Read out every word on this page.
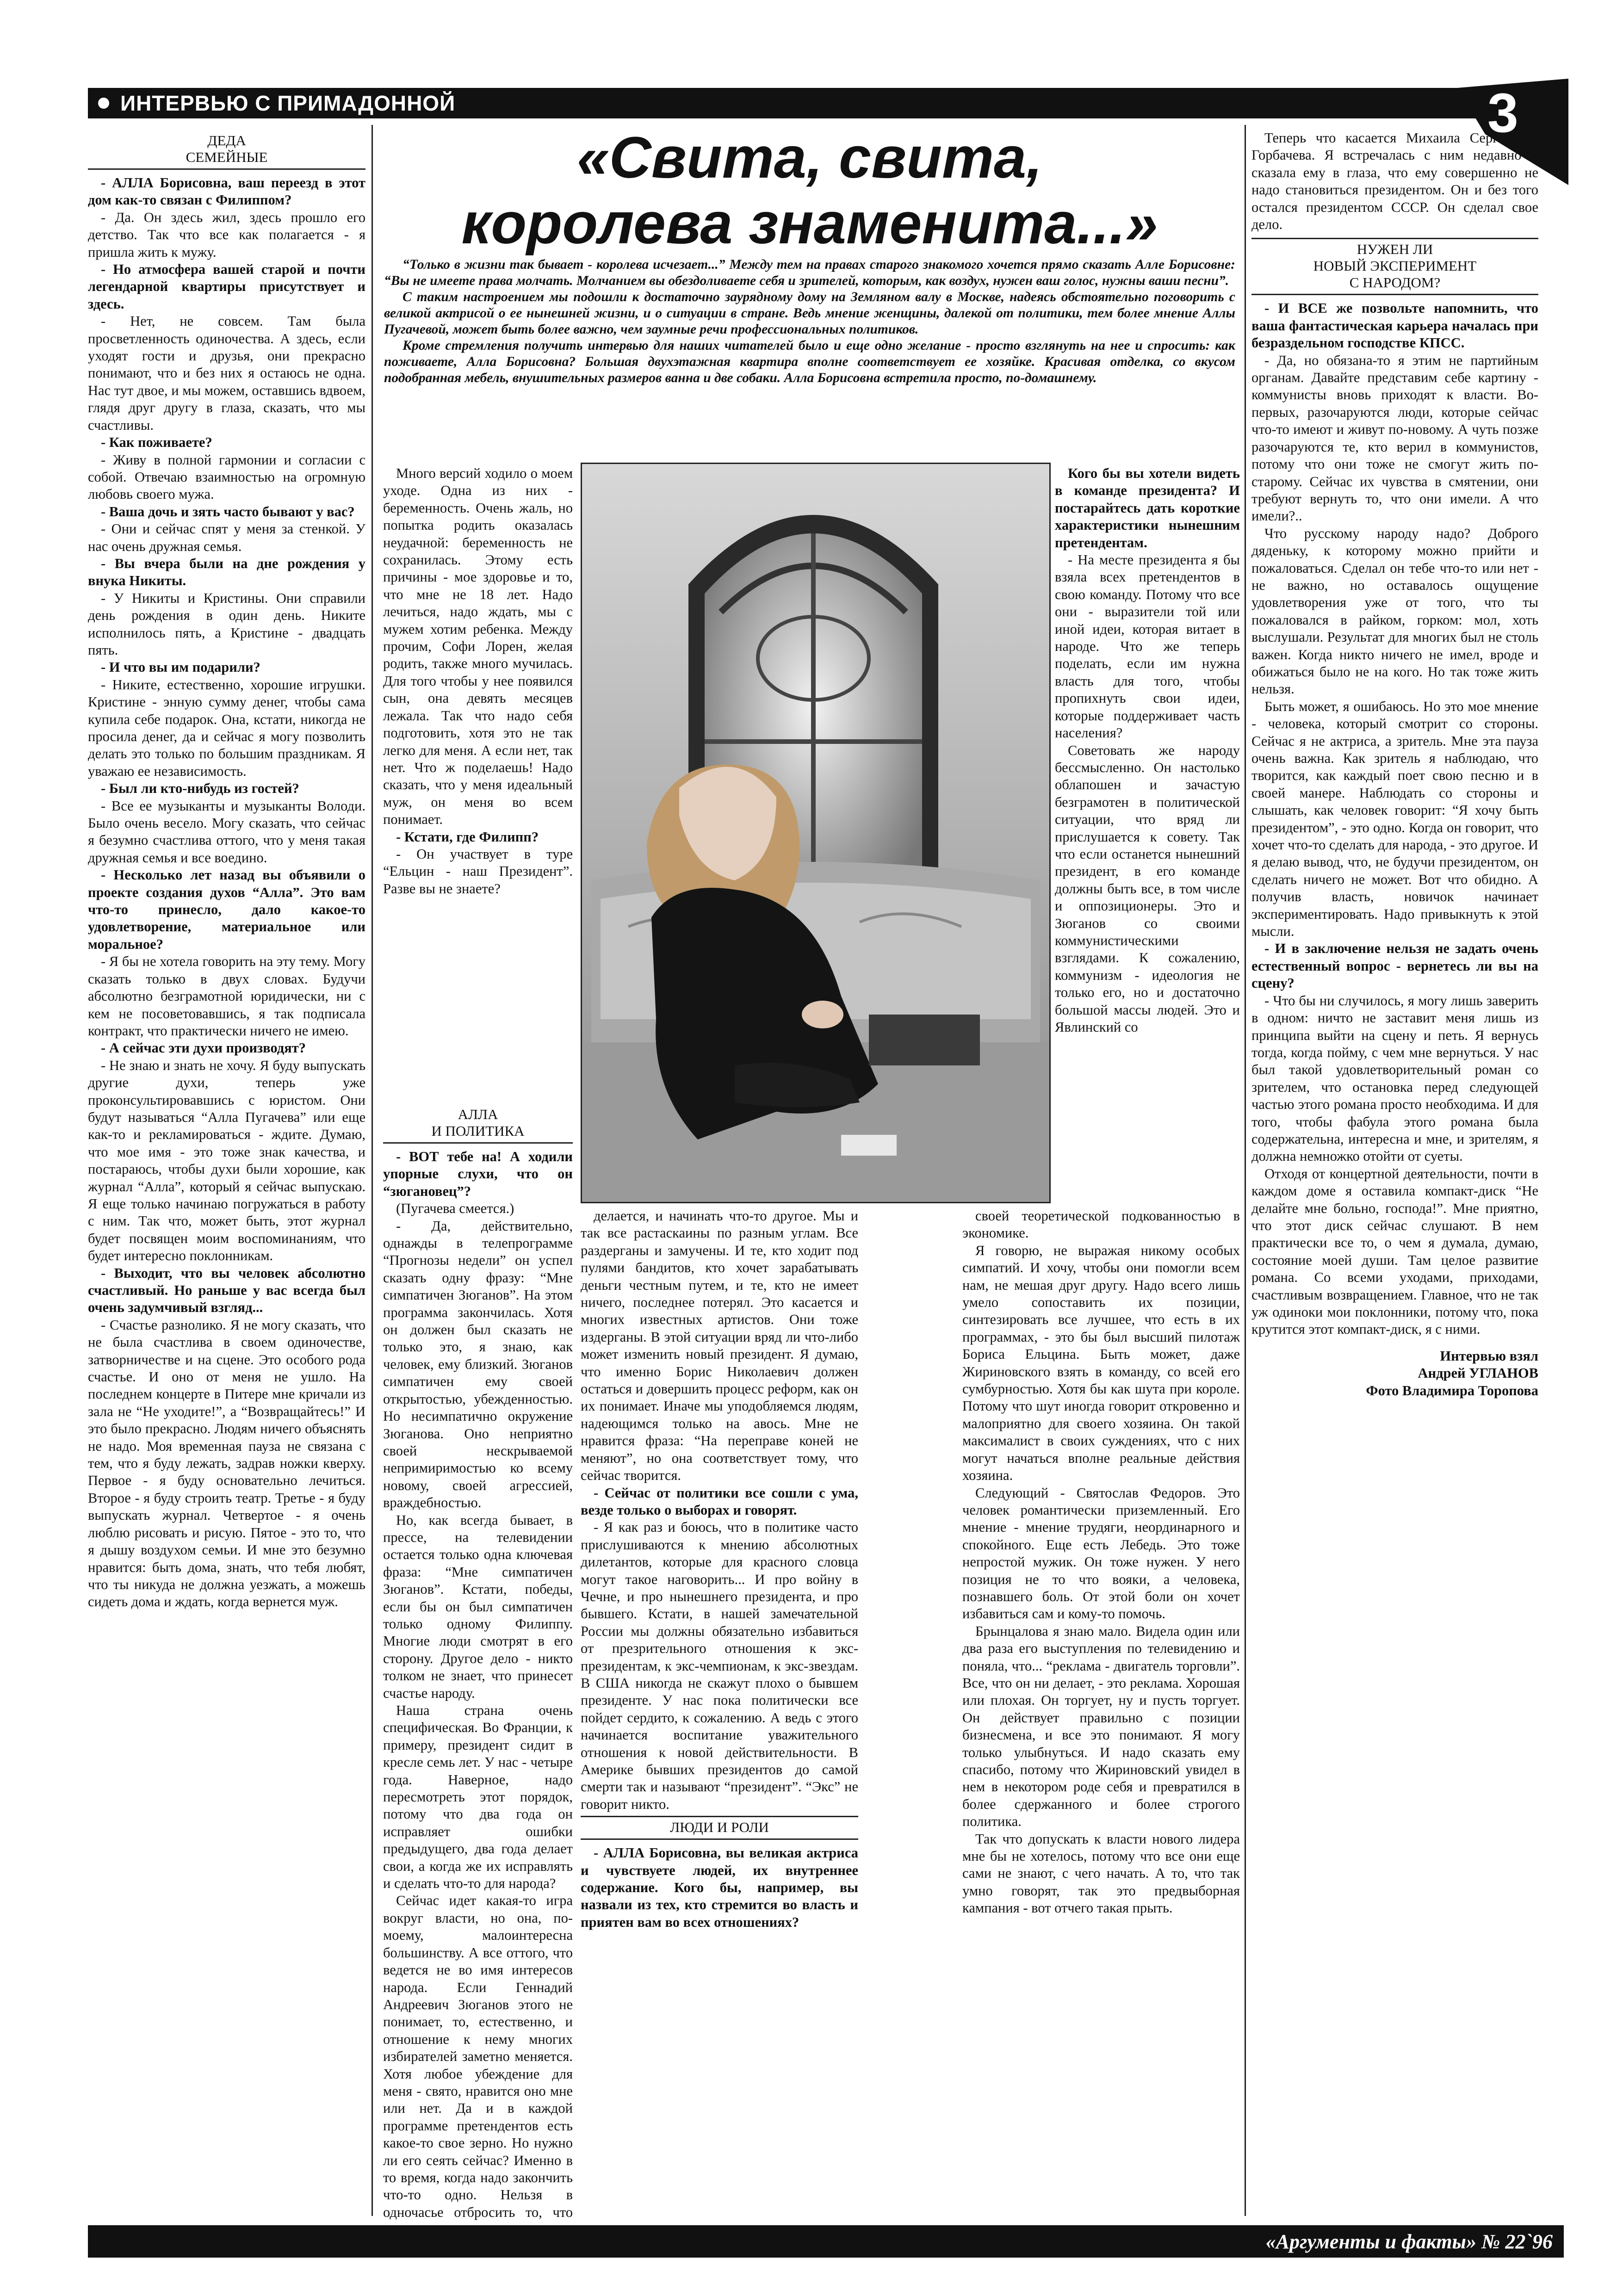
ИНТЕРВЬЮ С ПРИМАДОННОЙ	3
ДЕДА
СЕМЕЙНЫЕ

- АЛЛА Борисовна, ваш переезд в этот дом как-то связан с Филиппом?

- Да. Он здесь жил, здесь прошло его детство. Так что все как полагается - я пришла жить к мужу.

- Но атмосфера вашей старой и почти легендарной квартиры присутствует и здесь.

- Нет, не совсем. Там была просветленность одиночества. А здесь, если уходят гости и друзья, они прекрасно понимают, что и без них я остаюсь не одна. Нас тут двое, и мы можем, оставшись вдвоем, глядя друг другу в глаза, сказать, что мы счастливы.

- Как поживаете?

- Живу в полной гармонии и согласии с собой. Отвечаю взаимностью на огромную любовь своего мужа.

- Ваша дочь и зять часто бывают у вас?

- Они и сейчас спят у меня за стенкой. У нас очень дружная семья.

- Вы вчера были на дне рождения у внука Никиты.

- У Никиты и Кристины. Они справили день рождения в один день. Никите исполнилось пять, а Кристине - двадцать пять.

- И что вы им подарили?

- Никите, естественно, хорошие игрушки. Кристине - энную сумму денег, чтобы сама купила себе подарок. Она, кстати, никогда не просила денег, да и сейчас я могу позволить делать это только по большим праздникам. Я уважаю ее независимость.

- Был ли кто-нибудь из гостей?

- Все ее музыканты и музыканты Володи. Было очень весело. Могу сказать, что сейчас я безумно счастлива оттого, что у меня такая дружная семья и все воедино.

- Несколько лет назад вы объявили о проекте создания духов “Алла”. Это вам что-то принесло, дало какое-то удовлетворение, материальное или моральное?

- Я бы не хотела говорить на эту тему. Могу сказать только в двух словах. Будучи абсолютно безграмотной юридически, ни с кем не посоветовавшись, я так подписала контракт, что практически ничего не имею.

- А сейчас эти духи производят?

- Не знаю и знать не хочу. Я буду выпускать другие духи, теперь уже проконсультировавшись с юристом. Они будут называться “Алла Пугачева” или еще как-то и рекламироваться - ждите. Думаю, что мое имя - это тоже знак качества, и постараюсь, чтобы духи были хорошие, как журнал “Алла”, который я сейчас выпускаю. Я еще только начинаю погружаться в работу с ним. Так что, может быть, этот журнал будет посвящен моим воспоминаниям, что будет интересно поклонникам.

- Выходит, что вы человек абсолютно счастливый. Но раньше у вас всегда был очень задумчивый взгляд...

- Счастье разнолико. Я не могу сказать, что не была счастлива в своем одиночестве, затворничестве и на сцене. Это особого рода счастье. И оно от меня не ушло. На последнем концерте в Питере мне кричали из зала не “Не уходите!”, а “Возвращайтесь!” И это было прекрасно. Людям ничего объяснять не надо. Моя временная пауза не связана с тем, что я буду лежать, задрав ножки кверху. Первое - я буду основательно лечиться. Второе - я буду строить театр. Третье - я буду выпускать журнал. Четвертое - я очень люблю рисовать и рисую. Пятое - это то, что я дышу воздухом семьи. И мне это безумно нравится: быть дома, знать, что тебя любят, что ты никуда не должна уезжать, а можешь сидеть дома и ждать, когда вернется муж.

«Свита, свита,
королева знаменита...»

“Только в жизни так бывает - королева исчезает...” Между тем на правах старого знакомого хочется прямо сказать Алле Борисовне: “Вы не имеете права молчать. Молчанием вы обездоливаете себя и зрителей, которым, как воздух, нужен ваш голос, нужны ваши песни”.

С таким настроением мы подошли к достаточно заурядному дому на Земляном валу в Москве, надеясь обстоятельно поговорить с великой актрисой о ее нынешней жизни, и о ситуации в стране. Ведь мнение женщины, далекой от политики, тем более мнение Аллы Пугачевой, может быть более важно, чем заумные речи профессиональных политиков.

Кроме стремления получить интервью для наших читателей было и еще одно желание - просто взглянуть на нее и спросить: как поживаете, Алла Борисовна? Большая двухэтажная квартира вполне соответствует ее хозяйке. Красивая отделка, со вкусом подобранная мебель, внушительных размеров ванна и две собаки. Алла Борисовна встретила просто, по-домашнему.

Много версий ходило о моем уходе. Одна из них - беременность. Очень жаль, но попытка родить оказалась неудачной: беременность не сохранилась. Этому есть причины - мое здоровье и то, что мне не 18 лет. Надо лечиться, надо ждать, мы с мужем хотим ребенка. Между прочим, Софи Лорен, желая родить, также много мучилась. Для того чтобы у нее появился сын, она девять месяцев лежала. Так что надо себя подготовить, хотя это не так легко для меня. А если нет, так нет. Что ж поделаешь! Надо сказать, что у меня идеальный муж, он меня во всем понимает.

- Кстати, где Филипп?

- Он участвует в туре “Ельцин - наш Президент”. Разве вы не знаете?

АЛЛА
И ПОЛИТИКА

- ВОТ тебе на! А ходили упорные слухи, что он “зюгановец”?

(Пугачева смеется.)

- Да, действительно, однажды в телепрограмме “Прогнозы недели” он успел сказать одну фразу: “Мне симпатичен Зюганов”. На этом программа закончилась. Хотя он должен был сказать не только это, я знаю, как человек, ему близкий. Зюганов симпатичен ему своей открытостью, убежденностью. Но несимпатично окружение Зюганова. Оно неприятно своей нескрываемой непримиримостью ко всему новому, своей агрессией, враждебностью.

Но, как всегда бывает, в прессе, на телевидении остается только одна ключевая фраза: “Мне симпатичен Зюганов”. Кстати, победы, если бы он был симпатичен только одному Филиппу. Многие люди смотрят в его сторону. Другое дело - никто толком не знает, что принесет счастье народу.

Наша страна очень специфическая. Во Франции, к примеру, президент сидит в кресле семь лет. У нас - четыре года. Наверное, надо пересмотреть этот порядок, потому что два года он исправляет ошибки предыдущего, два года делает свои, а когда же их исправлять и сделать что-то для народа?

Сейчас идет какая-то игра вокруг власти, но она, по-моему, малоинтересна большинству. А все оттого, что ведется не во имя интересов народа. Если Геннадий Андреевич Зюганов этого не понимает, то, естественно, и отношение к нему многих избирателей заметно меняется. Хотя любое убеждение для меня - свято, нравится оно мне или нет. Да и в каждой программе претендентов есть какое-то свое зерно. Но нужно ли его сеять сейчас? Именно в то время, когда надо закончить что-то одно. Нельзя в одночасье отбросить то, что

делается, и начинать что-то другое. Мы и так все растаскаины по разным углам. Все раздерганы и замучены. И те, кто ходит под пулями бандитов, кто хочет зарабатывать деньги честным путем, и те, кто не имеет ничего, последнее потерял. Это касается и многих известных артистов. Они тоже издерганы. В этой ситуации вряд ли что-либо может изменить новый президент. Я думаю, что именно Борис Николаевич должен остаться и довершить процесс реформ, как он их понимает. Иначе мы уподобляемся людям, надеющимся только на авось. Мне не нравится фраза: “На переправе коней не меняют”, но она соответствует тому, что сейчас творится.

- Сейчас от политики все сошли с ума, везде только о выборах и говорят.

- Я как раз и боюсь, что в политике часто прислушиваются к мнению абсолютных дилетантов, которые для красного словца могут такое наговорить... И про войну в Чечне, и про нынешнего президента, и про бывшего. Кстати, в нашей замечательной России мы должны обязательно избавиться от презрительного отношения к экс-президентам, к экс-чемпионам, к экс-звездам. В США никогда не скажут плохо о бывшем президенте. У нас пока политически все пойдет сердито, к сожалению. А ведь с этого начинается воспитание уважительного отношения к новой действительности. В Америке бывших президентов до самой смерти так и называют “президент”. “Экс” не говорит никто.

ЛЮДИ И РОЛИ

- АЛЛА Борисовна, вы великая актриса и чувствуете людей, их внутреннее содержание. Кого бы, например, вы назвали из тех, кто стремится во власть и приятен вам во всех отношениях?

Кого бы вы хотели видеть в команде президента? И постарайтесь дать короткие характеристики нынешним претендентам.

- На месте президента я бы взяла всех претендентов в свою команду. Потому что все они - выразители той или иной идеи, которая витает в народе. Что же теперь поделать, если им нужна власть для того, чтобы пропихнуть свои идеи, которые поддерживает часть населения?

Советовать же народу бессмысленно. Он настолько облапошен и зачастую безграмотен в политической ситуации, что вряд ли прислушается к совету. Так что если останется нынешний президент, в его команде должны быть все, в том числе и оппозиционеры. Это и Зюганов со своими коммунистическими взглядами. К сожалению, коммунизм - идеология не только его, но и достаточно большой массы людей. Это и Явлинский со

своей теоретической подкованностью в экономике.

Я говорю, не выражая никому особых симпатий. И хочу, чтобы они помогли всем нам, не мешая друг другу. Надо всего лишь умело сопоставить их позиции, синтезировать все лучшее, что есть в их программах, - это бы был высший пилотаж Бориса Ельцина. Быть может, даже Жириновского взять в команду, со всей его сумбурностью. Хотя бы как шута при короле. Потому что шут иногда говорит откровенно и малоприятно для своего хозяина. Он такой максималист в своих суждениях, что с них могут начаться вполне реальные действия хозяина.

Следующий - Святослав Федоров. Это человек романтически приземленный. Его мнение - мнение трудяги, неординарного и спокойного. Еще есть Лебедь. Это тоже непростой мужик. Он тоже нужен. У него позиция не то что вояки, а человека, познавшего боль. От этой боли он хочет избавиться сам и кому-то помочь.

Брынцалова я знаю мало. Видела один или два раза его выступления по телевидению и поняла, что... “реклама - двигатель торговли”. Все, что он ни делает, - это реклама. Хорошая или плохая. Он торгует, ну и пусть торгует. Он действует правильно с позиции бизнесмена, и все это понимают. Я могу только улыбнуться. И надо сказать ему спасибо, потому что Жириновский увидел в нем в некотором роде себя и превратился в более сдержанного и более строгого политика.

Так что допускать к власти нового лидера мне бы не хотелось, потому что все они еще сами не знают, с чего начать. А то, что так умно говорят, так это предвыборная кампания - вот отчего такая прыть.

Теперь что касается Михаила Сергеевича Горбачева. Я встречалась с ним недавно и сказала ему в глаза, что ему совершенно не надо становиться президентом. Он и без того остался президентом СССР. Он сделал свое дело.

НУЖЕН ЛИ
НОВЫЙ ЭКСПЕРИМЕНТ
С НАРОДОМ?

- И ВСЕ же позвольте напомнить, что ваша фантастическая карьера началась при безраздельном господстве КПСС.

- Да, но обязана-то я этим не партийным органам. Давайте представим себе картину - коммунисты вновь приходят к власти. Во-первых, разочаруются люди, которые сейчас что-то имеют и живут по-новому. А чуть позже разочаруются те, кто верил в коммунистов, потому что они тоже не смогут жить по-старому. Сейчас их чувства в смятении, они требуют вернуть то, что они имели. А что имели?..

Что русскому народу надо? Доброго дяденьку, к которому можно прийти и пожаловаться. Сделал он тебе что-то или нет - не важно, но оставалось ощущение удовлетворения уже от того, что ты пожаловался в райком, горком: мол, хоть выслушали. Результат для многих был не столь важен. Когда никто ничего не имел, вроде и обижаться было не на кого. Но так тоже жить нельзя.

Быть может, я ошибаюсь. Но это мое мнение - человека, который смотрит со стороны. Сейчас я не актриса, а зритель. Мне эта пауза очень важна. Как зритель я наблюдаю, что творится, как каждый поет свою песню и в своей манере. Наблюдать со стороны и слышать, как человек говорит: “Я хочу быть президентом”, - это одно. Когда он говорит, что хочет что-то сделать для народа, - это другое. И я делаю вывод, что, не будучи президентом, он сделать ничего не может. Вот что обидно. А получив власть, новичок начинает экспериментировать. Надо привыкнуть к этой мысли.

- И в заключение нельзя не задать очень естественный вопрос - вернетесь ли вы на сцену?

- Что бы ни случилось, я могу лишь заверить в одном: ничто не заставит меня лишь из принципа выйти на сцену и петь. Я вернусь тогда, когда пойму, с чем мне вернуться. У нас был такой удовлетворительный роман со зрителем, что остановка перед следующей частью этого романа просто необходима. И для того, чтобы фабула этого романа была содержательна, интересна и мне, и зрителям, я должна немножко отойти от суеты.

Отходя от концертной деятельности, почти в каждом доме я оставила компакт-диск “Не делайте мне больно, господа!”. Мне приятно, что этот диск сейчас слушают. В нем практически все то, о чем я думала, думаю, состояние моей души. Там целое развитие романа. Со всеми уходами, приходами, счастливым возвращением. Главное, что не так уж одиноки мои поклонники, потому что, пока крутится этот компакт-диск, я с ними.

Интервью взял

Андрей УГЛАНОВ

Фото Владимира Торопова

«Аргументы и факты» № 22`96
